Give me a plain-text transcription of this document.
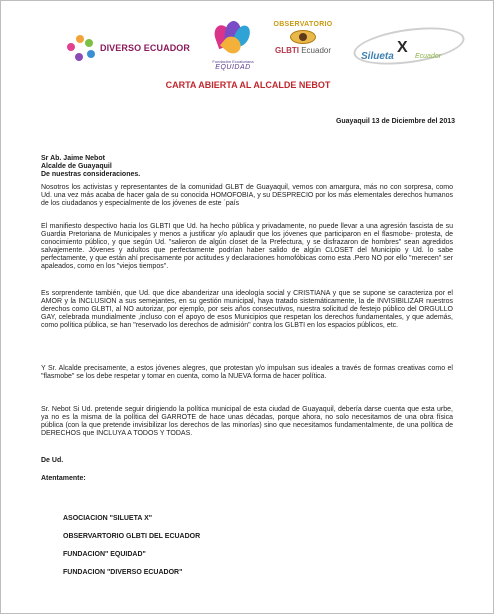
DIVERSO ECUADOR
Fundación Ecuatoriana
EQUIDAD
OBSERVATORIO
GLBTI Ecuador	X
Silueta	Ecuador
CARTA ABIERTA AL ALCALDE NEBOT
Guayaquil 13 de Diciembre del 2013
Sr Ab. Jaime Nebot
Alcalde de Guayaquil
De nuestras consideraciones.

Nosotros los activistas y representantes de la comunidad GLBT de Guayaquil, vemos con amargura, más no con sorpresa, como Ud. una vez más acaba de hacer gala de su conocida HOMOFOBIA, y su DESPRECIO por los más elementales derechos humanos de los ciudadanos y especialmente de los jóvenes de este ´país

El manifiesto despectivo hacia los GLBTI que Ud. ha hecho pública y privadamente, no puede llevar a una agresión fascista de su Guardia Pretoriana de Municipales y menos a justificar y/o aplaudir que los jóvenes que participaron en el flasmobe- protesta, de conocimiento público, y que según Ud. "salieron de algún closet de la Prefectura, y se disfrazaron de hombres" sean agredidos salvajemente. Jóvenes y adultos que perfectamente podrían haber salido de algún CLOSET del Municipio y Ud. lo sabe perfectamente, y que están ahí precisamente por actitudes y declaraciones homofóbicas como esta .Pero NO por ello "merecen" ser apaleados, como en los "viejos tiempos".

Es sorprendente también, que Ud. que dice abanderizar una ideología social y CRISTIANA y que se supone se caracteriza por el AMOR y la INCLUSION a sus semejantes, en su gestión municipal, haya tratado sistemáticamente, la de INVISIBILIZAR nuestros derechos como GLBTI, al NO autorizar, por ejemplo, por seis años consecutivos, nuestra solicitud de festejo público del ORGULLO GAY, celebrada mundialmente ,incluso con el apoyo de esos Municipios que respetan los derechos fundamentales, y que además, como política pública, se han "reservado los derechos de admisión" contra los GLBTI en los espacios públicos, etc.

Y Sr. Alcalde precisamente, a estos jóvenes alegres, que protestan y/o impulsan sus ideales a través de formas creativas como el "flasmobe" se los debe respetar y tomar en cuenta, como la NUEVA forma de hacer política.

Sr. Nebot Si Ud. pretende seguir dirigiendo la política municipal de esta ciudad de Guayaquil, debería darse cuenta que esta urbe, ya no es la misma de la política del GARROTE de hace unas décadas, porque ahora, no solo necesitamos de una obra física pública (con la que pretende invisibilizar los derechos de las minorías) sino que necesitamos fundamentalmente, de una política de DERECHOS que INCLUYA A TODOS Y TODAS.

De Ud.
Atentamente:
ASOCIACION "SILUETA X"
OBSERVARTORIO GLBTI DEL ECUADOR
FUNDACION" EQUIDAD"
FUNDACION "DIVERSO ECUADOR"
